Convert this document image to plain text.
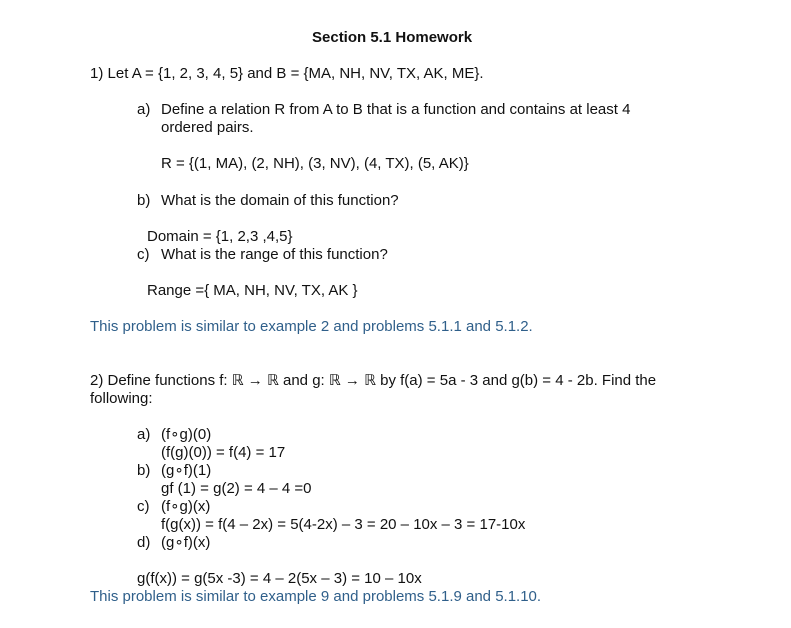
Section 5.1 Homework
1) Let A = {1, 2, 3, 4, 5} and B = {MA, NH, NV, TX, AK, ME}.
a) Define a relation R from A to B that is a function and contains at least 4
ordered pairs.
R = {(1, MA), (2, NH), (3, NV), (4, TX), (5, AK)}
b) What is the domain of this function?
Domain = {1, 2,3 ,4,5}
c) What is the range of this function?
Range ={ MA, NH, NV, TX, AK }
This problem is similar to example 2 and problems 5.1.1 and 5.1.2.
2) Define functions f: ℝ → ℝ and g: ℝ → ℝ by f(a) = 5a - 3 and g(b) = 4 - 2b. Find the
following:
a) (f∘g)(0)
(f(g)(0)) = f(4) = 17
b) (g∘f)(1)
gf (1) = g(2) = 4 – 4 =0
c) (f∘g)(x)
f(g(x)) = f(4 – 2x) = 5(4-2x) – 3 = 20 – 10x – 3 = 17-10x
d) (g∘f)(x)
g(f(x)) = g(5x -3) = 4 – 2(5x – 3) = 10 – 10x
This problem is similar to example 9 and problems 5.1.9 and 5.1.10.
